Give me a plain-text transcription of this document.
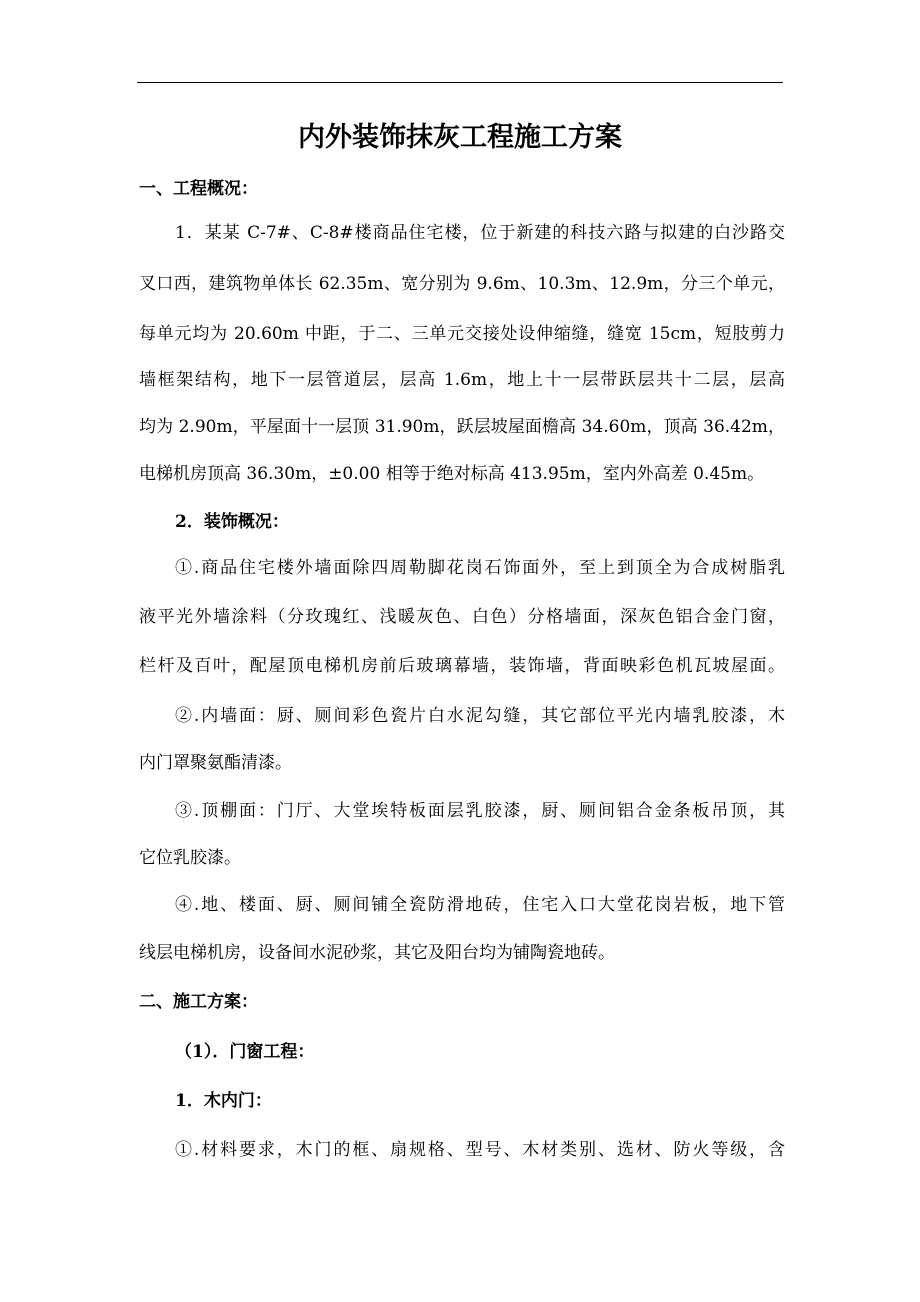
内外装饰抹灰工程施工方案
一、工程概况：
1．某某 C-7#、C-8#楼商品住宅楼，位于新建的科技六路与拟建的白沙路交
叉口西，建筑物单体长 62.35m、宽分别为 9.6m、10.3m、12.9m，分三个单元，
每单元均为 20.60m 中距，于二、三单元交接处设伸缩缝，缝宽 15cm，短肢剪力
墙框架结构，地下一层管道层，层高 1.6m，地上十一层带跃层共十二层，层高
均为 2.90m，平屋面十一层顶 31.90m，跃层坡屋面檐高 34.60m，顶高 36.42m，
电梯机房顶高 36.30m，±0.00 相等于绝对标高 413.95m，室内外高差 0.45m。
2．装饰概况：
①.商品住宅楼外墙面除四周勒脚花岗石饰面外，至上到顶全为合成树脂乳
液平光外墙涂料（分玫瑰红、浅暖灰色、白色）分格墙面，深灰色铝合金门窗，
栏杆及百叶，配屋顶电梯机房前后玻璃幕墙，装饰墙，背面映彩色机瓦坡屋面。
②.内墙面：厨、厕间彩色瓷片白水泥勾缝，其它部位平光内墙乳胶漆，木
内门罩聚氨酯清漆。
③.顶棚面：门厅、大堂埃特板面层乳胶漆，厨、厕间铝合金条板吊顶，其
它位乳胶漆。
④.地、楼面、厨、厕间铺全瓷防滑地砖，住宅入口大堂花岗岩板，地下管
线层电梯机房，设备间水泥砂浆，其它及阳台均为铺陶瓷地砖。
二、施工方案：
（1）．门窗工程：
1．木内门：
①.材料要求，木门的框、扇规格、型号、木材类别、选材、防火等级，含
